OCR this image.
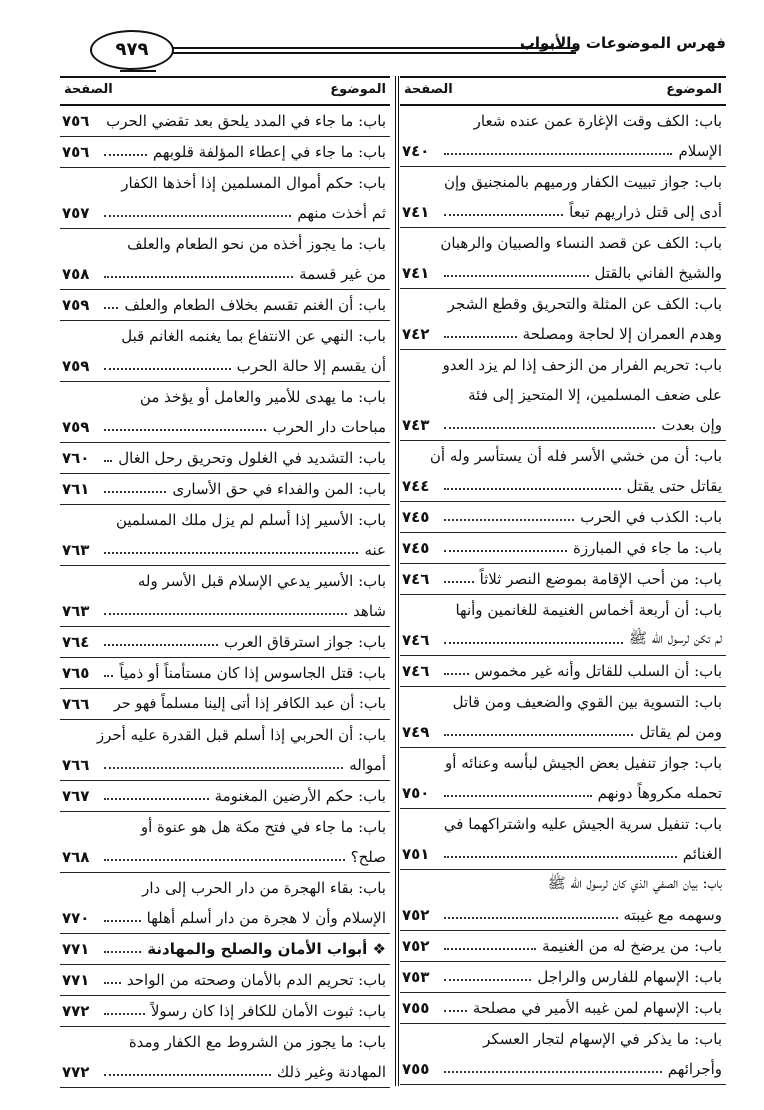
٩٧٩	فهرس الموضوعات والأبواب
الموضوع
الصفحة
الموضوع
الصفحة
باب: الكف وقت الإغارة عمن عنده شعار
الإسلام
٧٤٠
باب: جواز تبييت الكفار ورميهم بالمنجنيق وإن
أدى إلى قتل ذراريهم تبعاً
٧٤١
باب: الكف عن قصد النساء والصبيان والرهبان
والشيخ الفاني بالقتل
٧٤١
باب: الكف عن المثلة والتحريق وقطع الشجر
وهدم العمران إلا لحاجة ومصلحة
٧٤٢
باب: تحريم الفرار من الزحف إذا لم يزد العدو
على ضعف المسلمين، إلا المتحيز إلى فئة
وإن بعدت
٧٤٣
باب: أن من خشي الأسر فله أن يستأسر وله أن
يقاتل حتى يقتل
٧٤٤
باب: الكذب في الحرب
٧٤٥
باب: ما جاء في المبارزة
٧٤٥
باب: من أحب الإقامة بموضع النصر ثلاثاً
٧٤٦
باب: أن أربعة أخماس الغنيمة للغانمين وأنها
لم تكن لرسول الله ﷺ
٧٤٦
باب: أن السلب للقاتل وأنه غير مخموس
٧٤٦
باب: التسوية بين القوي والضعيف ومن قاتل
ومن لم يقاتل
٧٤٩
باب: جواز تنفيل بعض الجيش لبأسه وعنائه أو
تحمله مكروهاً دونهم
٧٥٠
باب: تنفيل سرية الجيش عليه واشتراكهما في
الغنائم
٧٥١
باب: بيان الصفي الذي كان لرسول الله ﷺ
وسهمه مع غيبته
٧٥٢
باب: من يرضخ له من الغنيمة
٧٥٢
باب: الإسهام للفارس والراجل
٧٥٣
باب: الإسهام لمن غيبه الأمير في مصلحة
٧٥٥
باب: ما يذكر في الإسهام لتجار العسكر
وأجرائهم
٧٥٥
باب: ما جاء في المدد يلحق بعد تقضي الحرب
٧٥٦
باب: ما جاء في إعطاء المؤلفة قلوبهم
٧٥٦
باب: حكم أموال المسلمين إذا أخذها الكفار
ثم أخذت منهم
٧٥٧
باب: ما يجوز أخذه من نحو الطعام والعلف
من غير قسمة
٧٥٨
باب: أن الغنم تقسم بخلاف الطعام والعلف
٧٥٩
باب: النهي عن الانتفاع بما يغنمه الغانم قبل
أن يقسم إلا حالة الحرب
٧٥٩
باب: ما يهدى للأمير والعامل أو يؤخذ من
مباحات دار الحرب
٧٥٩
باب: التشديد في الغلول وتحريق رحل الغال
٧٦٠
باب: المن والفداء في حق الأسارى
٧٦١
باب: الأسير إذا أسلم لم يزل ملك المسلمين
عنه
٧٦٣
باب: الأسير يدعي الإسلام قبل الأسر وله
شاهد
٧٦٣
باب: جواز استرقاق العرب
٧٦٤
باب: قتل الجاسوس إذا كان مستأمناً أو ذمياً
٧٦٥
باب: أن عبد الكافر إذا أتى إلينا مسلماً فهو حر
٧٦٦
باب: أن الحربي إذا أسلم قبل القدرة عليه أحرز
أمواله
٧٦٦
باب: حكم الأرضين المغنومة
٧٦٧
باب: ما جاء في فتح مكة هل هو عنوة أو
صلح؟
٧٦٨
باب: بقاء الهجرة من دار الحرب إلى دار
الإسلام وأن لا هجرة من دار أسلم أهلها
٧٧٠
❖ أبواب الأمان والصلح والمهادنة
٧٧١
باب: تحريم الدم بالأمان وصحته من الواحد
٧٧١
باب: ثبوت الأمان للكافر إذا كان رسولاً
٧٧٢
باب: ما يجوز من الشروط مع الكفار ومدة
المهادنة وغير ذلك
٧٧٢
